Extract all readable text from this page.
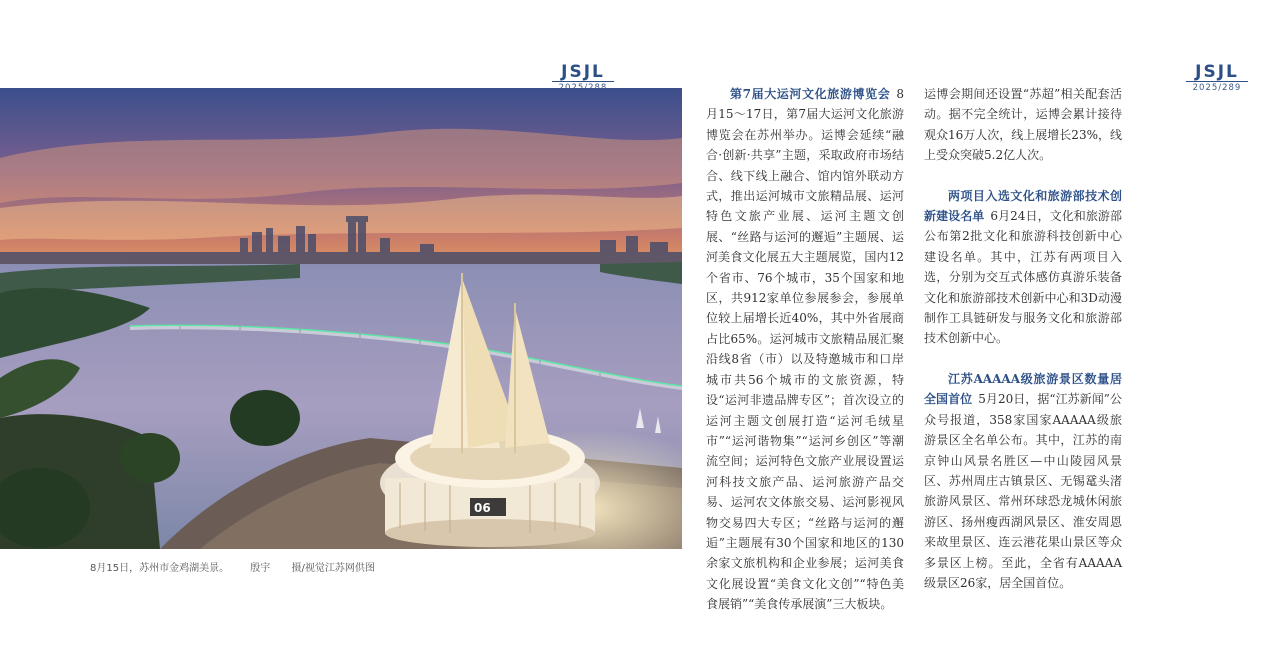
JSJL	JSJL
2025/289
06
8月15日，苏州市金鸡湖美景。 殷宇 摄/视觉江苏网供图

第7届大运河文化旅游博览会 8月15～17日，第7届大运河文化旅游博览会在苏州举办。运博会延续“融合·创新·共享”主题，采取政府市场结合、线下线上融合、馆内馆外联动方式，推出运河城市文旅精品展、运河特色文旅产业展、运河主题文创展、“丝路与运河的邂逅”主题展、运河美食文化展五大主题展览，国内12个省市、76个城市，35个国家和地区，共912家单位参展参会，参展单位较上届增长近40%，其中外省展商占比65%。运河城市文旅精品展汇聚沿线8省（市）以及特邀城市和口岸城市共56个城市的文旅资源，特设“运河非遗品牌专区”；首次设立的运河主题文创展打造“运河毛绒星市”“运河谐物集”“运河乡创区”等潮流空间；运河特色文旅产业展设置运河科技文旅产品、运河旅游产品交易、运河农文体旅交易、运河影视风物交易四大专区；“丝路与运河的邂逅”主题展有30个国家和地区的130余家文旅机构和企业参展；运河美食文化展设置“美食文化文创”“特色美食展销”“美食传承展演”三大板块。

运博会期间还设置“苏超”相关配套活动。据不完全统计，运博会累计接待观众16万人次，线上展增长23%，线上受众突破5.2亿人次。

两项目入选文化和旅游部技术创新建设名单 6月24日，文化和旅游部公布第2批文化和旅游科技创新中心建设名单。其中，江苏有两项目入选，分别为交互式体感仿真游乐装备文化和旅游部技术创新中心和3D动漫制作工具链研发与服务文化和旅游部技术创新中心。

江苏AAAAA级旅游景区数量居全国首位 5月20日，据“江苏新闻”公众号报道，358家国家AAAAA级旅游景区全名单公布。其中，江苏的南京钟山风景名胜区—中山陵园风景区、苏州周庄古镇景区、无锡鼋头渚旅游风景区、常州环球恐龙城休闲旅游区、扬州瘦西湖风景区、淮安周恩来故里景区、连云港花果山景区等众多景区上榜。至此，全省有AAAAA级景区26家，居全国首位。
